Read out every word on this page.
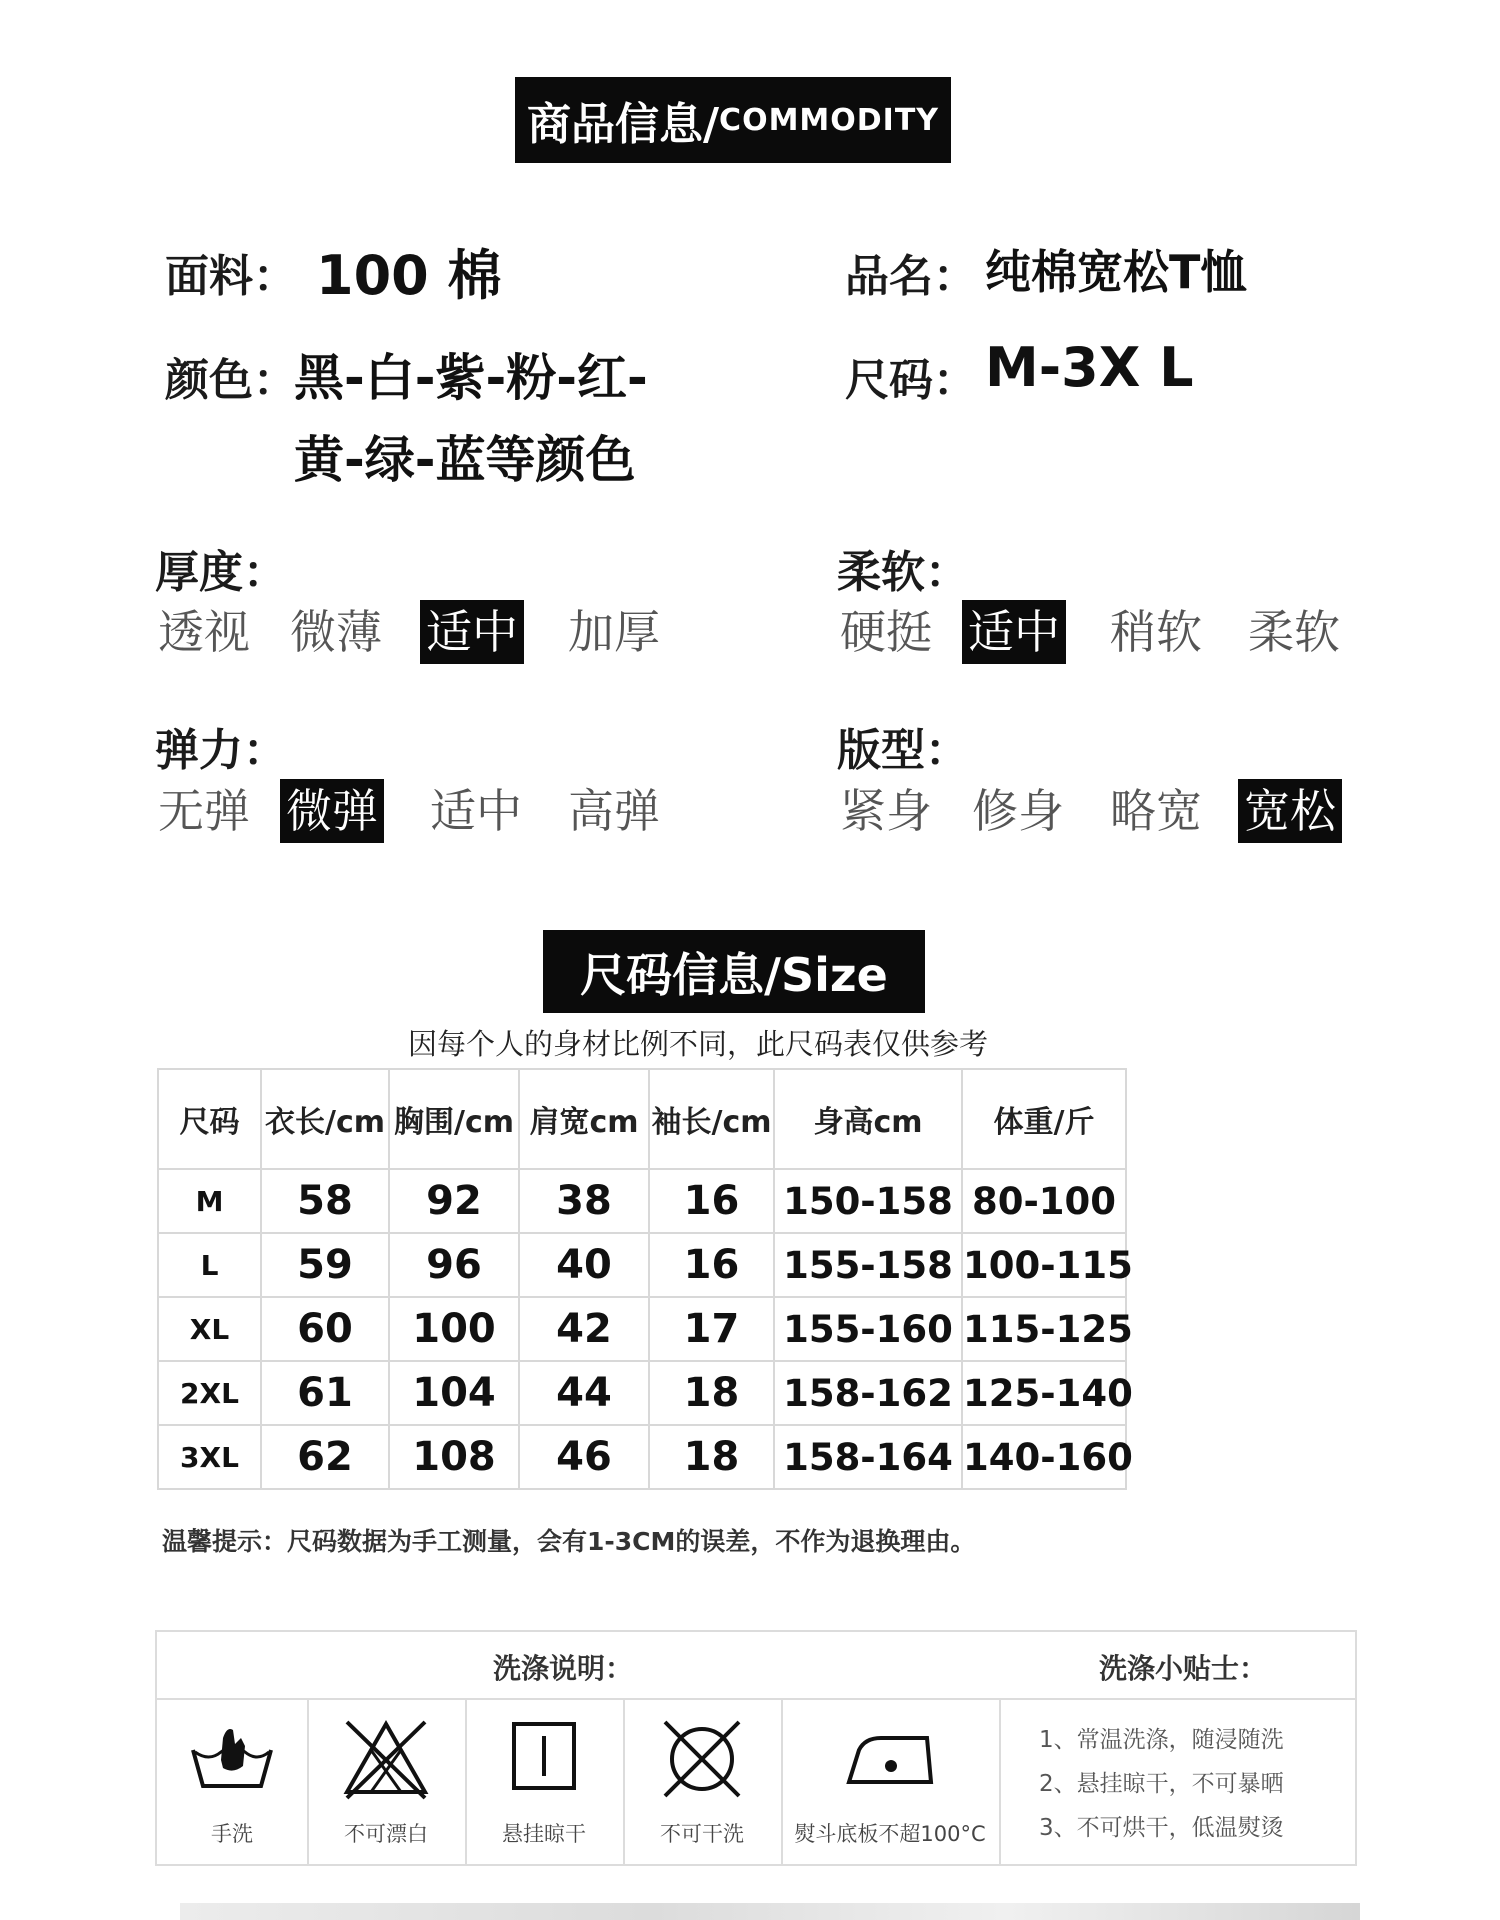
商品信息/ COMMODITY
面料： 100 棉	品名： 纯棉宽松T恤
颜色：
黑-白-紫-粉-红-
黄-绿-蓝等颜色
尺码： M-3X L
厚度：
透视 微薄 适中 加厚
柔软：
硬挺 适中 稍软 柔软
弹力：
无弹 微弹 适中 高弹
版型：
紧身 修身 略宽 宽松
尺码信息/Size
因每个人的身材比例不同，此尺码表仅供参考
尺码	衣长/cm	胸围/cm	肩宽cm	袖长/cm	身高cm	体重/斤
M	58	92	38	16	150-158	80-100
L	59	96	40	16	155-158	100-115
XL	60	100	42	17	155-160	115-125
2XL	61	104	44	18	158-162	125-140
3XL	62	108	46	18	158-164	140-160
温馨提示：尺码数据为手工测量，会有1-3CM的误差，不作为退换理由。
洗涤说明：	洗涤小贴士：
手洗	不可漂白	悬挂晾干	不可干洗	熨斗底板不超100°C
1、常温洗涤，随浸随洗
2、悬挂晾干，不可暴晒
3、不可烘干，低温熨烫
